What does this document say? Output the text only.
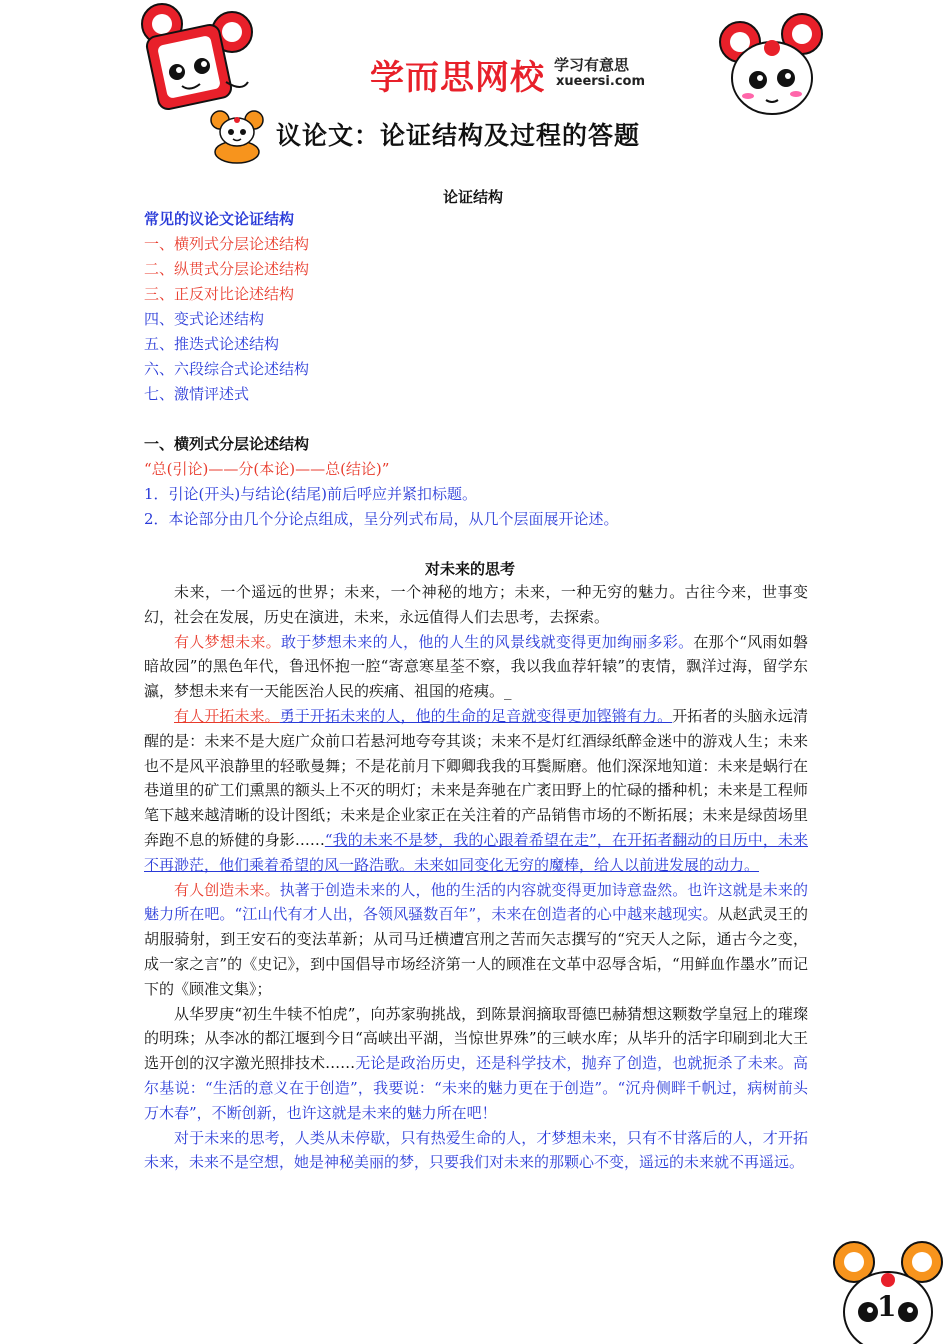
学而思网校 学习有意思
xueersi.com
议论文：论证结构及过程的答题
论证结构
常见的议论文论证结构
一、横列式分层论述结构
二、纵贯式分层论述结构
三、正反对比论述结构
四、变式论述结构
五、推迭式论述结构
六、六段综合式论述结构
七、激情评述式
一、横列式分层论述结构
“总(引论)——分(本论)——总(结论)”
1．引论(开头)与结论(结尾)前后呼应并紧扣标题。
2．本论部分由几个分论点组成，呈分列式布局，从几个层面展开论述。
对未来的思考

未来，一个遥远的世界；未来，一个神秘的地方；未来，一种无穷的魅力。古往今来，世事变幻，社会在发展，历史在演进，未来，永远值得人们去思考，去探索。

有人梦想未来。敢于梦想未来的人，他的人生的风景线就变得更加绚丽多彩。在那个“风雨如磐暗故园”的黑色年代，鲁迅怀抱一腔“寄意寒星荃不察，我以我血荐轩辕”的衷情，飘洋过海，留学东瀛，梦想未来有一天能医治人民的疾痛、祖国的疮痍。_

有人开拓未来。勇于开拓未来的人，他的生命的足音就变得更加铿锵有力。开拓者的头脑永远清醒的是：未来不是大庭广众前口若悬河地夸夸其谈；未来不是灯红酒绿纸醉金迷中的游戏人生；未来也不是风平浪静里的轻歌曼舞；不是花前月下卿卿我我的耳鬓厮磨。他们深深地知道：未来是蜗行在巷道里的矿工们熏黑的额头上不灭的明灯；未来是奔驰在广袤田野上的忙碌的播种机；未来是工程师笔下越来越清晰的设计图纸；未来是企业家正在关注着的产品销售市场的不断拓展；未来是绿茵场里奔跑不息的矫健的身影……“我的未来不是梦，我的心跟着希望在走”，在开拓者翻动的日历中，未来不再渺茫，他们乘着希望的风一路浩歌。未来如同变化无穷的魔棒，给人以前进发展的动力。

有人创造未来。执著于创造未来的人，他的生活的内容就变得更加诗意盎然。也许这就是未来的魅力所在吧。“江山代有才人出，各领风骚数百年”，未来在创造者的心中越来越现实。从赵武灵王的胡服骑射，到王安石的变法革新；从司马迁横遭宫刑之苦而矢志撰写的“究天人之际，通古今之变，成一家之言”的《史记》，到中国倡导市场经济第一人的顾准在文革中忍辱含垢，“用鲜血作墨水”而记下的《顾准文集》；

从华罗庚“初生牛犊不怕虎”，向苏家驹挑战，到陈景润摘取哥德巴赫猜想这颗数学皇冠上的璀璨的明珠；从李冰的都江堰到今日“高峡出平湖，当惊世界殊”的三峡水库；从毕升的活字印刷到北大王选开创的汉字激光照排技术……无论是政治历史，还是科学技术，抛弃了创造，也就扼杀了未来。高尔基说：“生活的意义在于创造”，我要说：“未来的魅力更在于创造”。“沉舟侧畔千帆过，病树前头万木春”，不断创新，也许这就是未来的魅力所在吧！

对于未来的思考，人类从未停歇，只有热爱生命的人，才梦想未来，只有不甘落后的人，才开拓未来，未来不是空想，她是神秘美丽的梦，只要我们对未来的那颗心不变，遥远的未来就不再遥远。

1
